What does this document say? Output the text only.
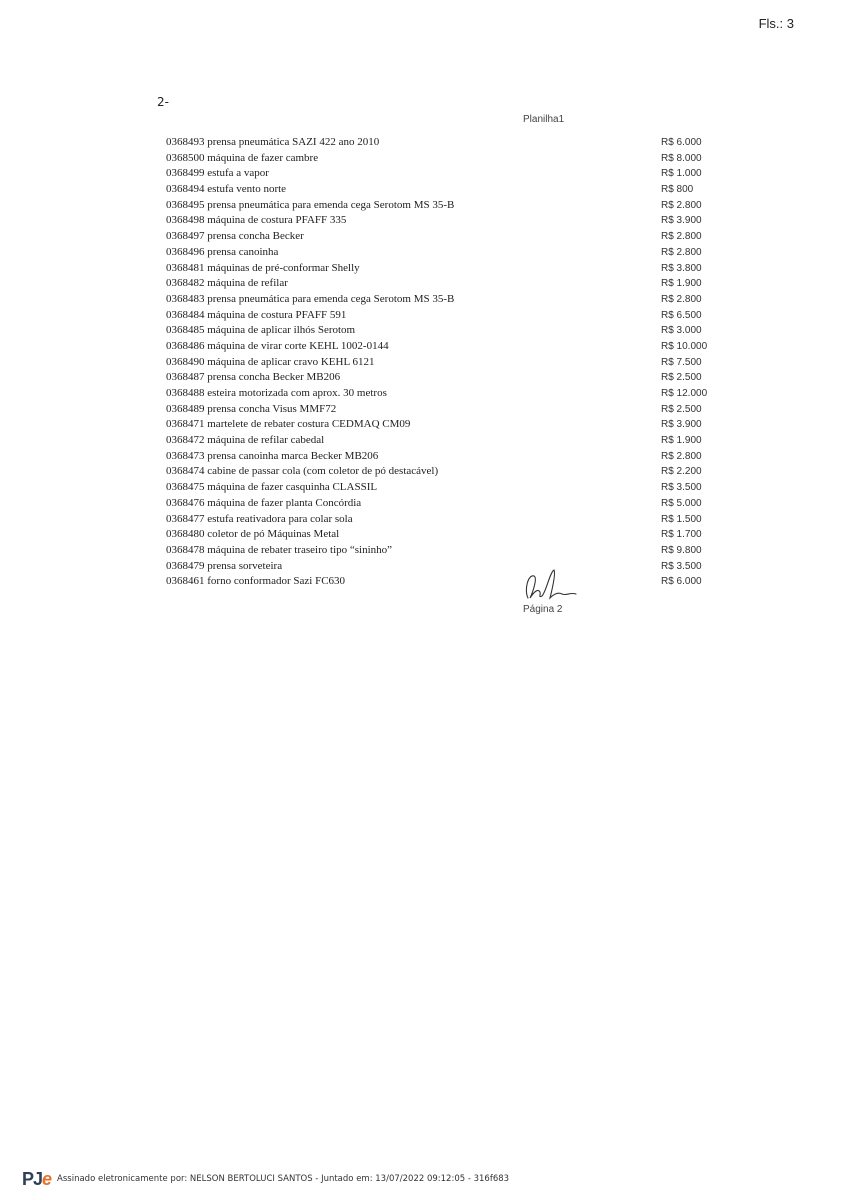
Fls.: 3
2-
Planilha1
0368493 prensa pneumática SAZI 422 ano 2010	R$ 6.000
0368500 máquina de fazer cambre	R$ 8.000
0368499 estufa a vapor	R$ 1.000
0368494 estufa vento norte	R$ 800
0368495 prensa pneumática para emenda cega Serotom MS 35-B	R$ 2.800
0368498 máquina de costura PFAFF 335	R$ 3.900
0368497 prensa concha Becker	R$ 2.800
0368496 prensa canoinha	R$ 2.800
0368481 máquinas de pré-conformar Shelly	R$ 3.800
0368482 máquina de refilar	R$ 1.900
0368483 prensa pneumática para emenda cega Serotom MS 35-B	R$ 2.800
0368484 máquina de costura PFAFF 591	R$ 6.500
0368485 máquina de aplicar ilhós Serotom	R$ 3.000
0368486 máquina de virar corte KEHL 1002-0144	R$ 10.000
0368490 máquina de aplicar cravo KEHL 6121	R$ 7.500
0368487 prensa concha Becker MB206	R$ 2.500
0368488 esteira motorizada com aprox. 30 metros	R$ 12.000
0368489 prensa concha Visus MMF72	R$ 2.500
0368471 martelete de rebater costura CEDMAQ CM09	R$ 3.900
0368472 máquina de refilar cabedal	R$ 1.900
0368473 prensa canoinha marca Becker MB206	R$ 2.800
0368474 cabine de passar cola (com coletor de pó destacável)	R$ 2.200
0368475 máquina de fazer casquinha CLASSIL	R$ 3.500
0368476 máquina de fazer planta Concórdia	R$ 5.000
0368477 estufa reativadora para colar sola	R$ 1.500
0368480 coletor de pó Máquinas Metal	R$ 1.700
0368478 máquina de rebater traseiro tipo “sininho”	R$ 9.800
0368479 prensa sorveteira	R$ 3.500
0368461 forno conformador Sazi FC630	R$ 6.000
Página 2
PJe Assinado eletronicamente por: NELSON BERTOLUCI SANTOS - Juntado em: 13/07/2022 09:12:05 - 316f683
